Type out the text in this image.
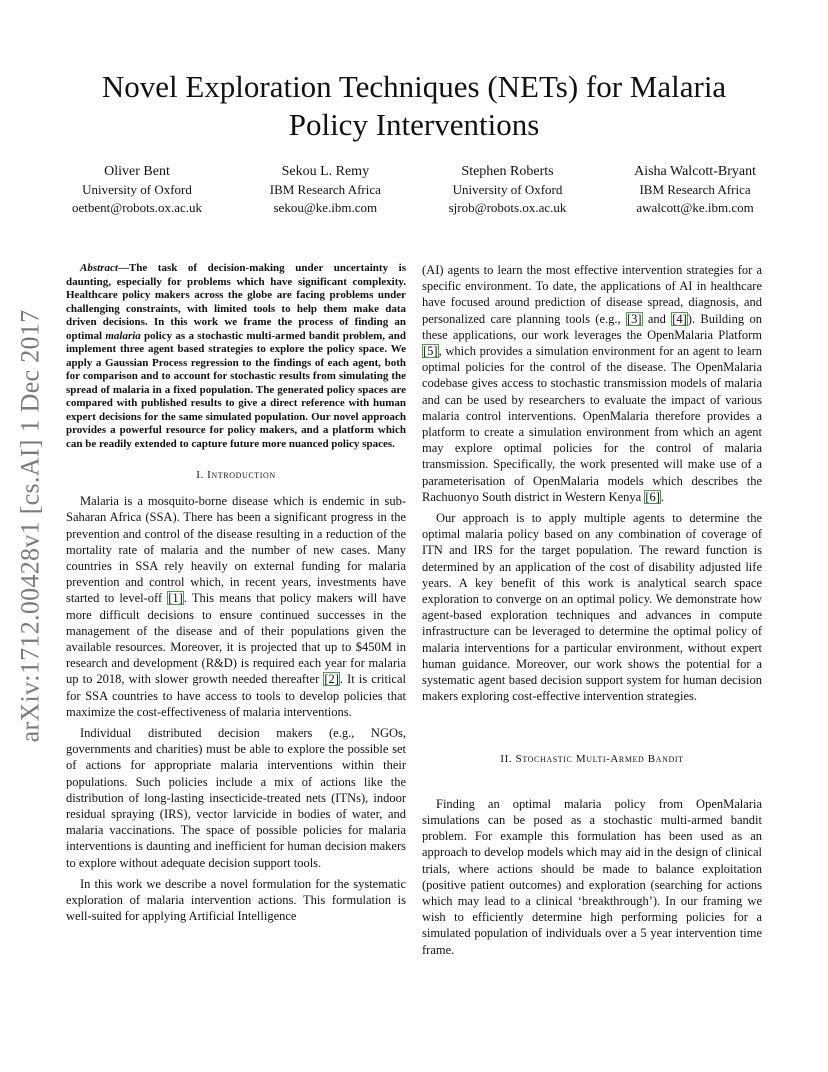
arXiv:1712.00428v1 [cs.AI] 1 Dec 2017
Novel Exploration Techniques (NETs) for Malaria Policy Interventions
Oliver Bent
University of Oxford
oetbent@robots.ox.ac.uk
Sekou L. Remy
IBM Research Africa
sekou@ke.ibm.com
Stephen Roberts
University of Oxford
sjrob@robots.ox.ac.uk
Aisha Walcott-Bryant
IBM Research Africa
awalcott@ke.ibm.com

Abstract—The task of decision-making under uncertainty is daunting, especially for problems which have significant complexity. Healthcare policy makers across the globe are facing problems under challenging constraints, with limited tools to help them make data driven decisions. In this work we frame the process of finding an optimal malaria policy as a stochastic multi-armed bandit problem, and implement three agent based strategies to explore the policy space. We apply a Gaussian Process regression to the findings of each agent, both for comparison and to account for stochastic results from simulating the spread of malaria in a fixed population. The generated policy spaces are compared with published results to give a direct reference with human expert decisions for the same simulated population. Our novel approach provides a powerful resource for policy makers, and a platform which can be readily extended to capture future more nuanced policy spaces.

I. Introduction

Malaria is a mosquito-borne disease which is endemic in sub-Saharan Africa (SSA). There has been a significant progress in the prevention and control of the disease resulting in a reduction of the mortality rate of malaria and the number of new cases. Many countries in SSA rely heavily on external funding for malaria prevention and control which, in recent years, investments have started to level-off [1]. This means that policy makers will have more difficult decisions to ensure continued successes in the management of the disease and of their populations given the available resources. Moreover, it is projected that up to $450M in research and development (R&D) is required each year for malaria up to 2018, with slower growth needed thereafter [2]. It is critical for SSA countries to have access to tools to develop policies that maximize the cost-effectiveness of malaria interventions.

Individual distributed decision makers (e.g., NGOs, governments and charities) must be able to explore the possible set of actions for appropriate malaria interventions within their populations. Such policies include a mix of actions like the distribution of long-lasting insecticide-treated nets (ITNs), indoor residual spraying (IRS), vector larvicide in bodies of water, and malaria vaccinations. The space of possible policies for malaria interventions is daunting and inefficient for human decision makers to explore without adequate decision support tools.

In this work we describe a novel formulation for the systematic exploration of malaria intervention actions. This formulation is well-suited for applying Artificial Intelligence

(AI) agents to learn the most effective intervention strategies for a specific environment. To date, the applications of AI in healthcare have focused around prediction of disease spread, diagnosis, and personalized care planning tools (e.g., [3] and [4]). Building on these applications, our work leverages the OpenMalaria Platform [5], which provides a simulation environment for an agent to learn optimal policies for the control of the disease. The OpenMalaria codebase gives access to stochastic transmission models of malaria and can be used by researchers to evaluate the impact of various malaria control interventions. OpenMalaria therefore provides a platform to create a simulation environment from which an agent may explore optimal policies for the control of malaria transmission. Specifically, the work presented will make use of a parameterisation of OpenMalaria models which describes the Rachuonyo South district in Western Kenya [6].

Our approach is to apply multiple agents to determine the optimal malaria policy based on any combination of coverage of ITN and IRS for the target population. The reward function is determined by an application of the cost of disability adjusted life years. A key benefit of this work is analytical search space exploration to converge on an optimal policy. We demonstrate how agent-based exploration techniques and advances in compute infrastructure can be leveraged to determine the optimal policy of malaria interventions for a particular environment, without expert human guidance. Moreover, our work shows the potential for a systematic agent based decision support system for human decision makers exploring cost-effective intervention strategies.

II. Stochastic Multi-Armed Bandit

Finding an optimal malaria policy from OpenMalaria simulations can be posed as a stochastic multi-armed bandit problem. For example this formulation has been used as an approach to develop models which may aid in the design of clinical trials, where actions should be made to balance exploitation (positive patient outcomes) and exploration (searching for actions which may lead to a clinical ‘breakthrough’). In our framing we wish to efficiently determine high performing policies for a simulated population of individuals over a 5 year intervention time frame.
